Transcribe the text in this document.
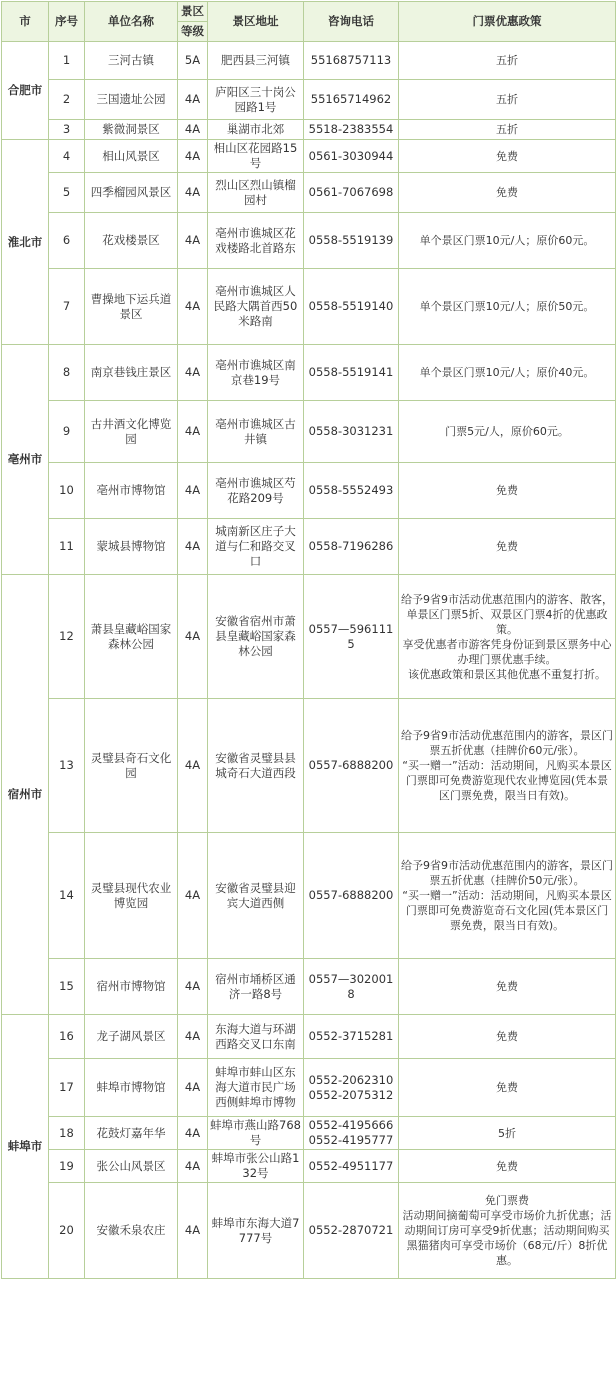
市	序号	单位名称	景区	景区地址	咨询电话	门票优惠政策
			等级			
合肥市	1	三河古镇	5A	肥西县三河镇	55168757113	五折

	2	三国遗址公园	4A	庐阳区三十岗公园路1号	55165714962	五折

	3	紫微洞景区	4A	巢湖市北郊	5518-2383554	五折

淮北市	4	相山风景区	4A	相山区花园路15号	0561-3030944	免费

	5	四季榴园风景区	4A	烈山区烈山镇榴园村	0561-7067698	免费

	6	花戏楼景区	4A	亳州市谯城区花戏楼路北首路东	0558-5519139	单个景区门票10元/人；原价60元。

	7	曹操地下运兵道景区	4A	亳州市谯城区人民路大隅首西50米路南	0558-5519140	单个景区门票10元/人；原价50元。

亳州市	8	南京巷钱庄景区	4A	亳州市谯城区南京巷19号	0558-5519141	单个景区门票10元/人；原价40元。

	9	古井酒文化博览园	4A	亳州市谯城区古井镇	0558-3031231	门票5元/人，原价60元。

	10	亳州市博物馆	4A	亳州市谯城区芍花路209号	0558-5552493	免费

	11	蒙城县博物馆	4A	城南新区庄子大道与仁和路交叉口	0558-7196286	免费

宿州市	12	萧县皇藏峪国家森林公园	4A	安徽省宿州市萧县皇藏峪国家森林公园	0557—5961115	给予9省9市活动优惠范围内的游客、散客，单景区门票5折、双景区门票4折的优惠政策。
享受优惠者市游客凭身份证到景区票务中心办理门票优惠手续。
该优惠政策和景区其他优惠不重复打折。

	13	灵璧县奇石文化园	4A	安徽省灵璧县县城奇石大道西段	0557-6888200	给予9省9市活动优惠范围内的游客，景区门票五折优惠（挂牌价60元/张）。
“买一赠一”活动：活动期间，凡购买本景区门票即可免费游览现代农业博览园(凭本景区门票免费，限当日有效)。

	14	灵璧县现代农业博览园	4A	安徽省灵璧县迎宾大道西侧	0557-6888200	给予9省9市活动优惠范围内的游客，景区门票五折优惠（挂牌价50元/张）。
“买一赠一”活动：活动期间，凡购买本景区门票即可免费游览奇石文化园(凭本景区门票免费，限当日有效)。

	15	宿州市博物馆	4A	宿州市埇桥区通济一路8号	0557—3020018	免费

蚌埠市	16	龙子湖风景区	4A	东海大道与环湖西路交叉口东南	0552-3715281	免费

	17	蚌埠市博物馆	4A	蚌埠市蚌山区东海大道市民广场西侧蚌埠市博物	0552-2062310
0552-2075312	免费

	18	花鼓灯嘉年华	4A	蚌埠市燕山路768号	0552-4195666
0552-4195777	5折

	19	张公山风景区	4A	蚌埠市张公山路132号	0552-4951177	免费

	20	安徽禾泉农庄	4A	蚌埠市东海大道7777号	0552-2870721	免门票费
活动期间摘葡萄可享受市场价九折优惠；活动期间订房可享受9折优惠；活动期间购买黑猫猪肉可享受市场价（68元/斤）8折优惠。
